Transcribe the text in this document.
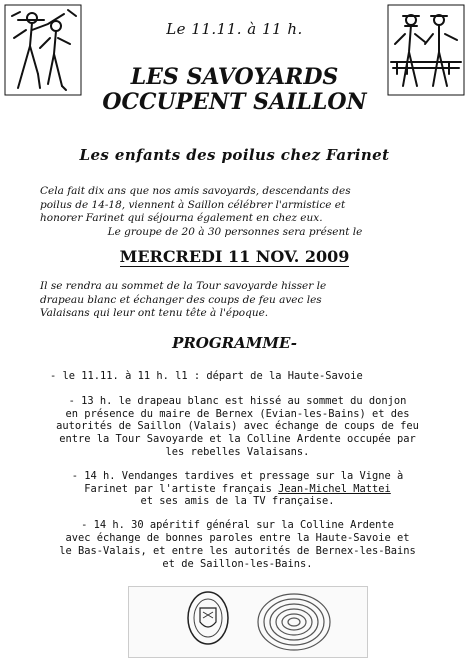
Le 11.11. à 11 h.
LES SAVOYARDS
OCCUPENT SAILLON
Les enfants des poilus chez Farinet

Cela fait dix ans que nos amis savoyards, descendants des

poilus de 14-18, viennent à Saillon célébrer l'armistice et

honorer Farinet qui séjourna également en chez eux.

Le groupe de 20 à 30 personnes sera présent le

MERCREDI 11 NOV. 2009

Il se rendra au sommet de la Tour savoyarde hisser le

drapeau blanc et échanger des coups de feu avec les

Valaisans qui leur ont tenu tête à l'époque.

PROGRAMME-
- le 11.11. à 11 h. l1 : départ de la Haute-Savoie
- 13 h. le drapeau blanc est hissé au sommet du donjon
en présence du maire de Bernex (Evian-les-Bains) et des
autorités de Saillon (Valais) avec échange de coups de feu
entre la Tour Savoyarde et la Colline Ardente occupée par
les rebelles Valaisans.
- 14 h. Vendanges tardives et pressage sur la Vigne à
Farinet par l'artiste français Jean-Michel Mattei
et ses amis de la TV française.
- 14 h. 30 apéritif général sur la Colline Ardente
avec échange de bonnes paroles entre la Haute-Savoie et
le Bas-Valais, et entre les autorités de Bernex-les-Bains
et de Saillon-les-Bains.
